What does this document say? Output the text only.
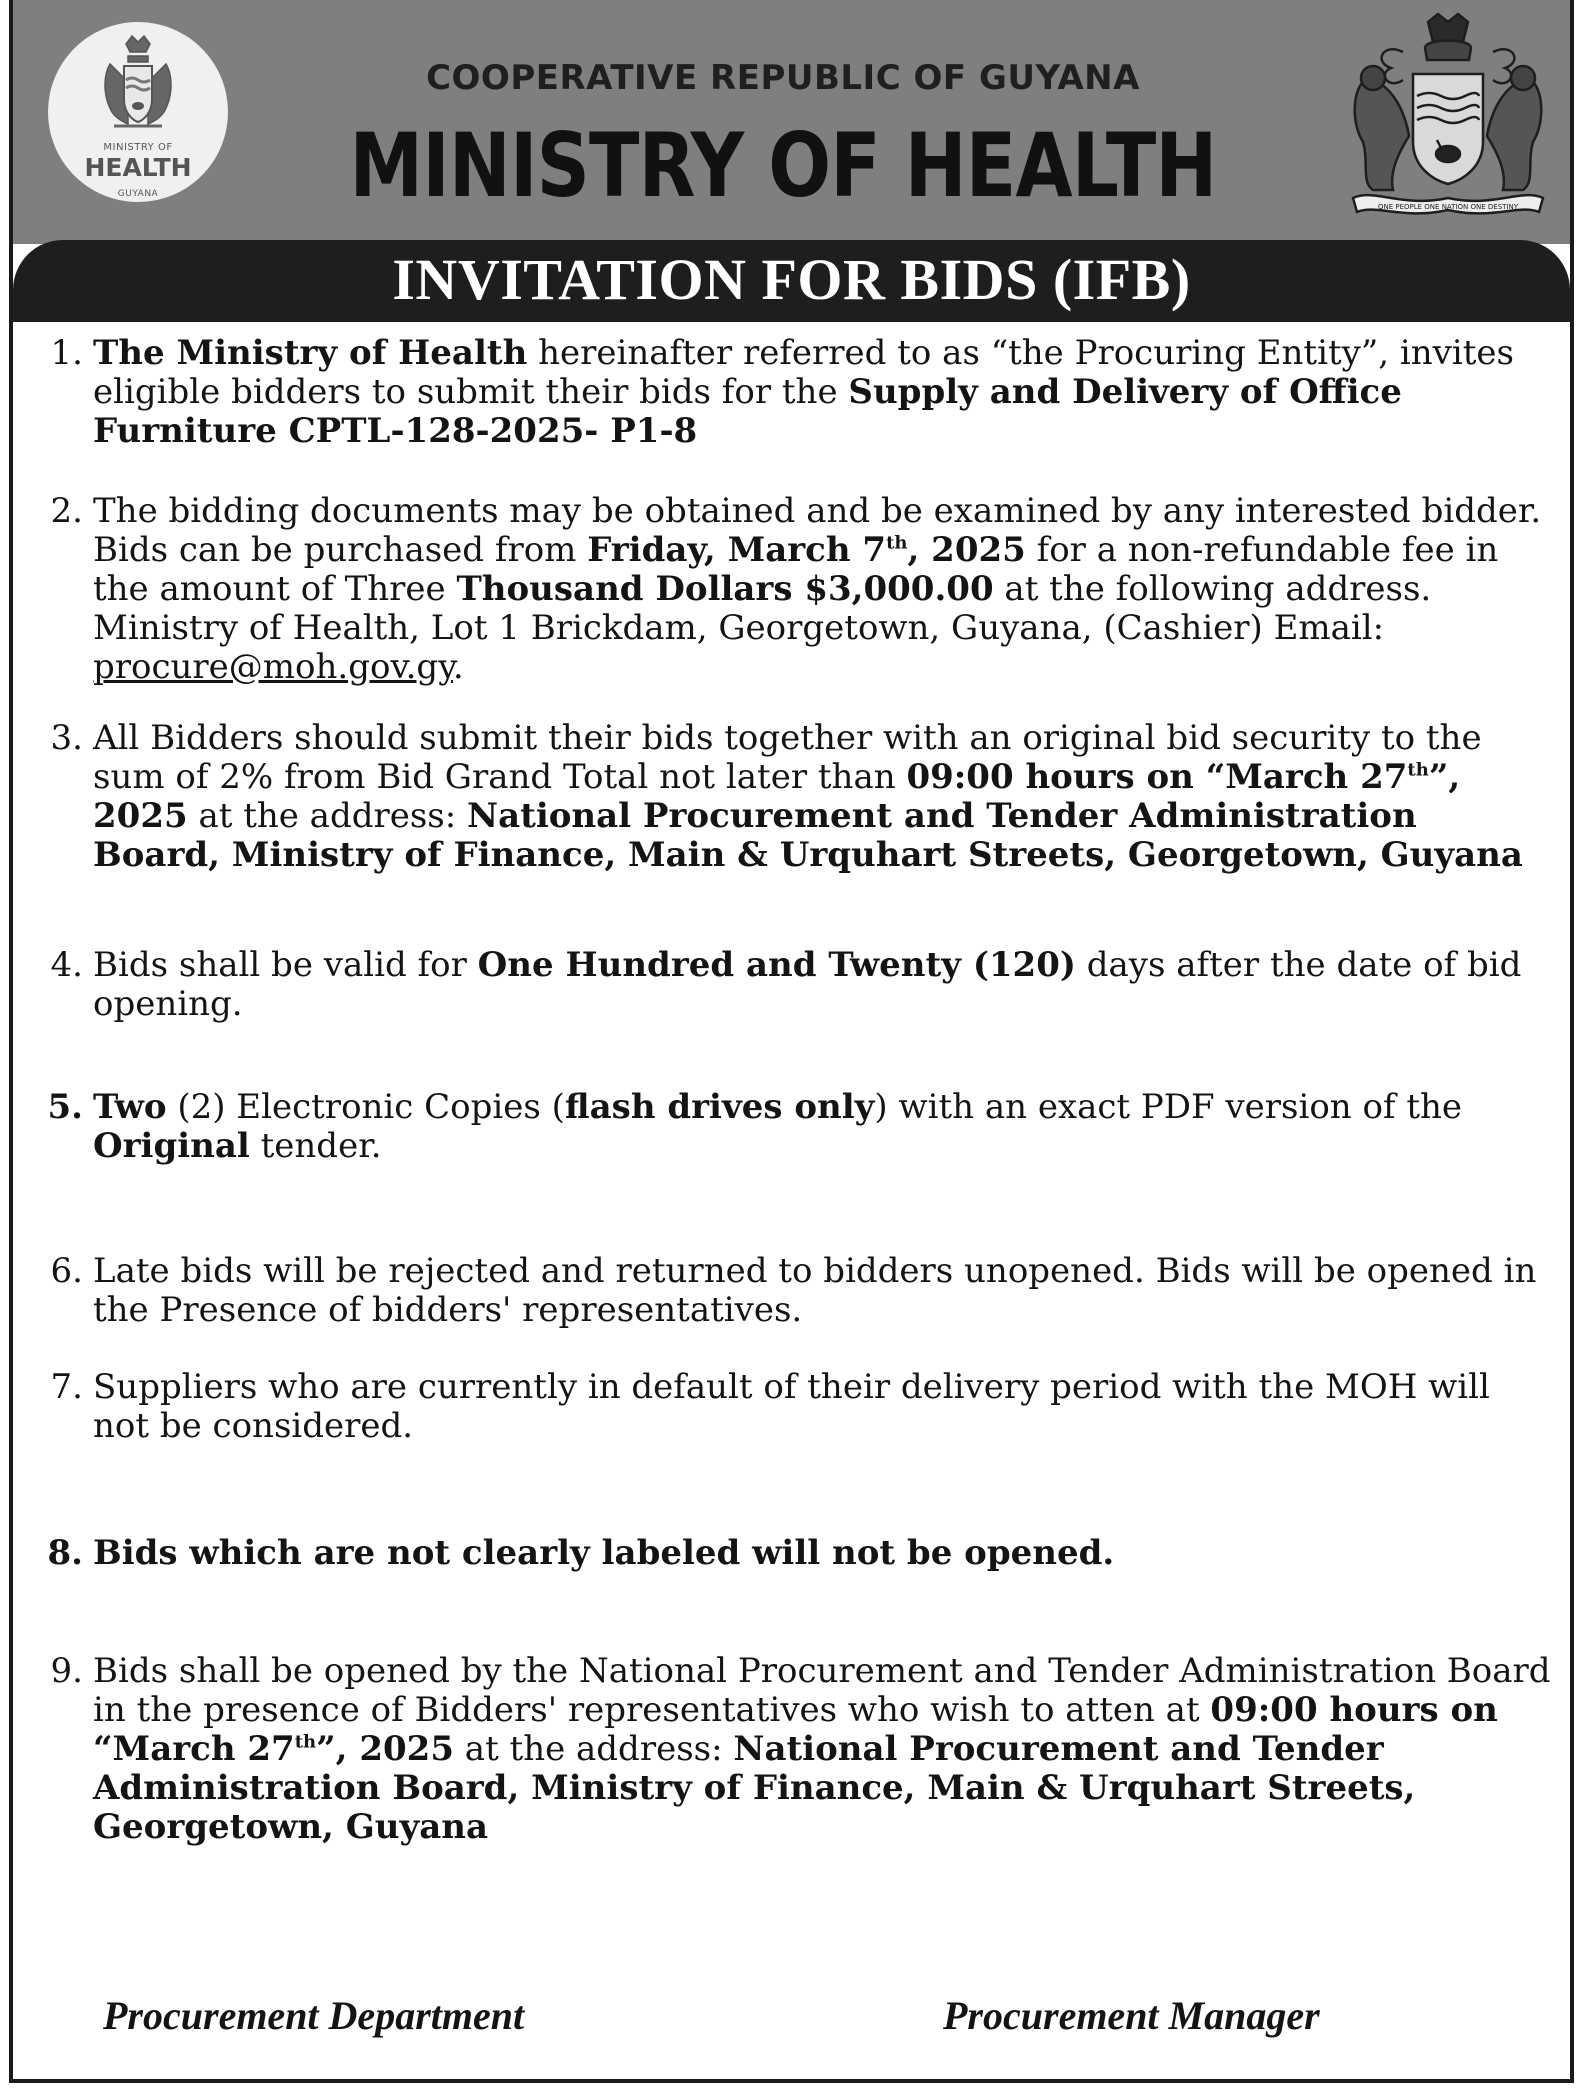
MINISTRY OF
HEALTH
GUYANA
COOPERATIVE REPUBLIC OF GUYANA
MINISTRY OF HEALTH	ONE PEOPLE ONE NATION ONE DESTINY
INVITATION FOR BIDS (IFB)
1. The Ministry of Health hereinafter referred to as “the Procuring Entity”, invites eligible bidders to submit their bids for the Supply and Delivery of Office Furniture CPTL-128-2025- P1-8
2. The bidding documents may be obtained and be examined by any interested bidder. Bids can be purchased from Friday, March 7th, 2025 for a non-refundable fee in the amount of Three Thousand Dollars $3,000.00 at the following address. Ministry of Health, Lot 1 Brickdam, Georgetown, Guyana, (Cashier) Email: procure@moh.gov.gy.
3. All Bidders should submit their bids together with an original bid security to the sum of 2% from Bid Grand Total not later than 09:00 hours on “March 27th”, 2025 at the address: National Procurement and Tender Administration Board, Ministry of Finance, Main & Urquhart Streets, Georgetown, Guyana
4. Bids shall be valid for One Hundred and Twenty (120) days after the date of bid opening.
5. Two (2) Electronic Copies (flash drives only) with an exact PDF version of the Original tender.
6. Late bids will be rejected and returned to bidders unopened. Bids will be opened in the Presence of bidders' representatives.
7. Suppliers who are currently in default of their delivery period with the MOH will not be considered.
8. Bids which are not clearly labeled will not be opened.
9. Bids shall be opened by the National Procurement and Tender Administration Board in the presence of Bidders' representatives who wish to atten at 09:00 hours on “March 27th”, 2025 at the address: National Procurement and Tender Administration Board, Ministry of Finance, Main & Urquhart Streets, Georgetown, Guyana
Procurement Department	Procurement Manager
